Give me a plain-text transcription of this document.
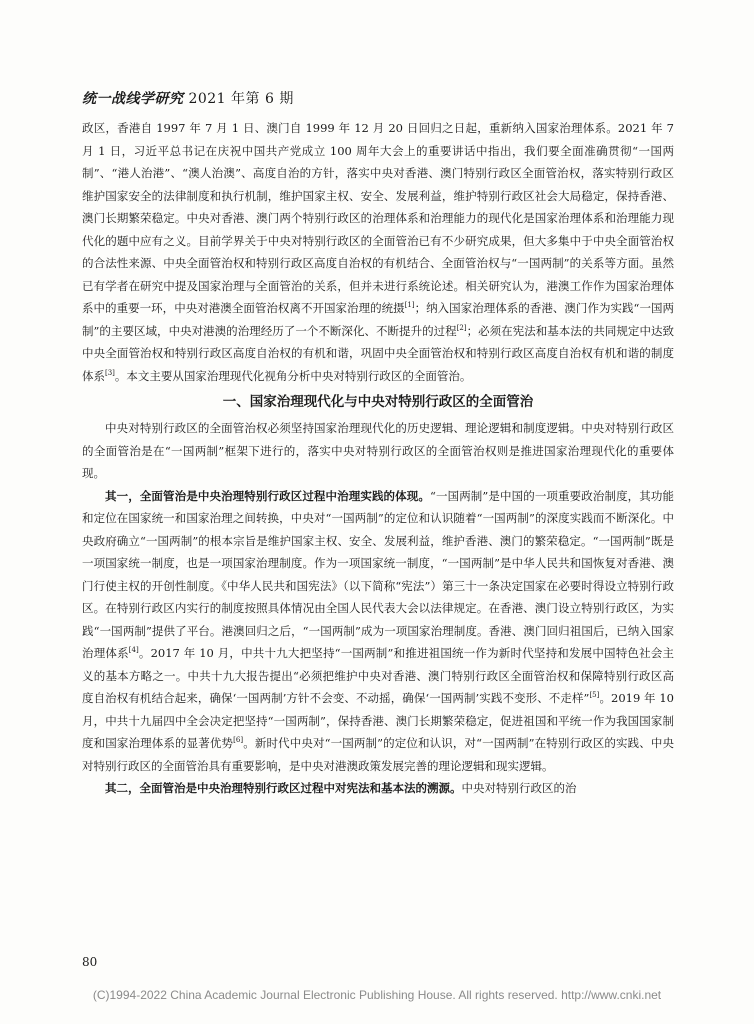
统一战线学研究 2021 年第 6 期

政区，香港自 1997 年 7 月 1 日、澳门自 1999 年 12 月 20 日回归之日起，重新纳入国家治理体系。2021 年 7 月 1 日，习近平总书记在庆祝中国共产党成立 100 周年大会上的重要讲话中指出，我们要全面准确贯彻“一国两制”、“港人治港”、“澳人治澳”、高度自治的方针，落实中央对香港、澳门特别行政区全面管治权，落实特别行政区维护国家安全的法律制度和执行机制，维护国家主权、安全、发展利益，维护特别行政区社会大局稳定，保持香港、澳门长期繁荣稳定。中央对香港、澳门两个特别行政区的治理体系和治理能力的现代化是国家治理体系和治理能力现代化的题中应有之义。目前学界关于中央对特别行政区的全面管治已有不少研究成果，但大多集中于中央全面管治权的合法性来源、中央全面管治权和特别行政区高度自治权的有机结合、全面管治权与“一国两制”的关系等方面。虽然已有学者在研究中提及国家治理与全面管治的关系，但并未进行系统论述。相关研究认为，港澳工作作为国家治理体系中的重要一环，中央对港澳全面管治权离不开国家治理的统摄[1]；纳入国家治理体系的香港、澳门作为实践“一国两制”的主要区域，中央对港澳的治理经历了一个不断深化、不断提升的过程[2]；必须在宪法和基本法的共同规定中达致中央全面管治权和特别行政区高度自治权的有机和谐，巩固中央全面管治权和特别行政区高度自治权有机和谐的制度体系[3]。本文主要从国家治理现代化视角分析中央对特别行政区的全面管治。

一、国家治理现代化与中央对特别行政区的全面管治

中央对特别行政区的全面管治权必须坚持国家治理现代化的历史逻辑、理论逻辑和制度逻辑。中央对特别行政区的全面管治是在“一国两制”框架下进行的，落实中央对特别行政区的全面管治权则是推进国家治理现代化的重要体现。

其一，全面管治是中央治理特别行政区过程中治理实践的体现。“一国两制”是中国的一项重要政治制度，其功能和定位在国家统一和国家治理之间转换，中央对“一国两制”的定位和认识随着“一国两制”的深度实践而不断深化。中央政府确立“一国两制”的根本宗旨是维护国家主权、安全、发展利益，维护香港、澳门的繁荣稳定。“一国两制”既是一项国家统一制度，也是一项国家治理制度。作为一项国家统一制度，“一国两制”是中华人民共和国恢复对香港、澳门行使主权的开创性制度。《中华人民共和国宪法》（以下简称“宪法”）第三十一条决定国家在必要时得设立特别行政区。在特别行政区内实行的制度按照具体情况由全国人民代表大会以法律规定。在香港、澳门设立特别行政区，为实践“一国两制”提供了平台。港澳回归之后，“一国两制”成为一项国家治理制度。香港、澳门回归祖国后，已纳入国家治理体系[4]。2017 年 10 月，中共十九大把坚持“一国两制”和推进祖国统一作为新时代坚持和发展中国特色社会主义的基本方略之一。中共十九大报告提出“必须把维护中央对香港、澳门特别行政区全面管治权和保障特别行政区高度自治权有机结合起来，确保‘一国两制’方针不会变、不动摇，确保‘一国两制’实践不变形、不走样”[5]。2019 年 10 月，中共十九届四中全会决定把坚持“一国两制”，保持香港、澳门长期繁荣稳定，促进祖国和平统一作为我国国家制度和国家治理体系的显著优势[6]。新时代中央对“一国两制”的定位和认识，对“一国两制”在特别行政区的实践、中央对特别行政区的全面管治具有重要影响，是中央对港澳政策发展完善的理论逻辑和现实逻辑。

其二，全面管治是中央治理特别行政区过程中对宪法和基本法的溯源。中央对特别行政区的治

80
(C)1994-2022 China Academic Journal Electronic Publishing House. All rights reserved. http://www.cnki.net
